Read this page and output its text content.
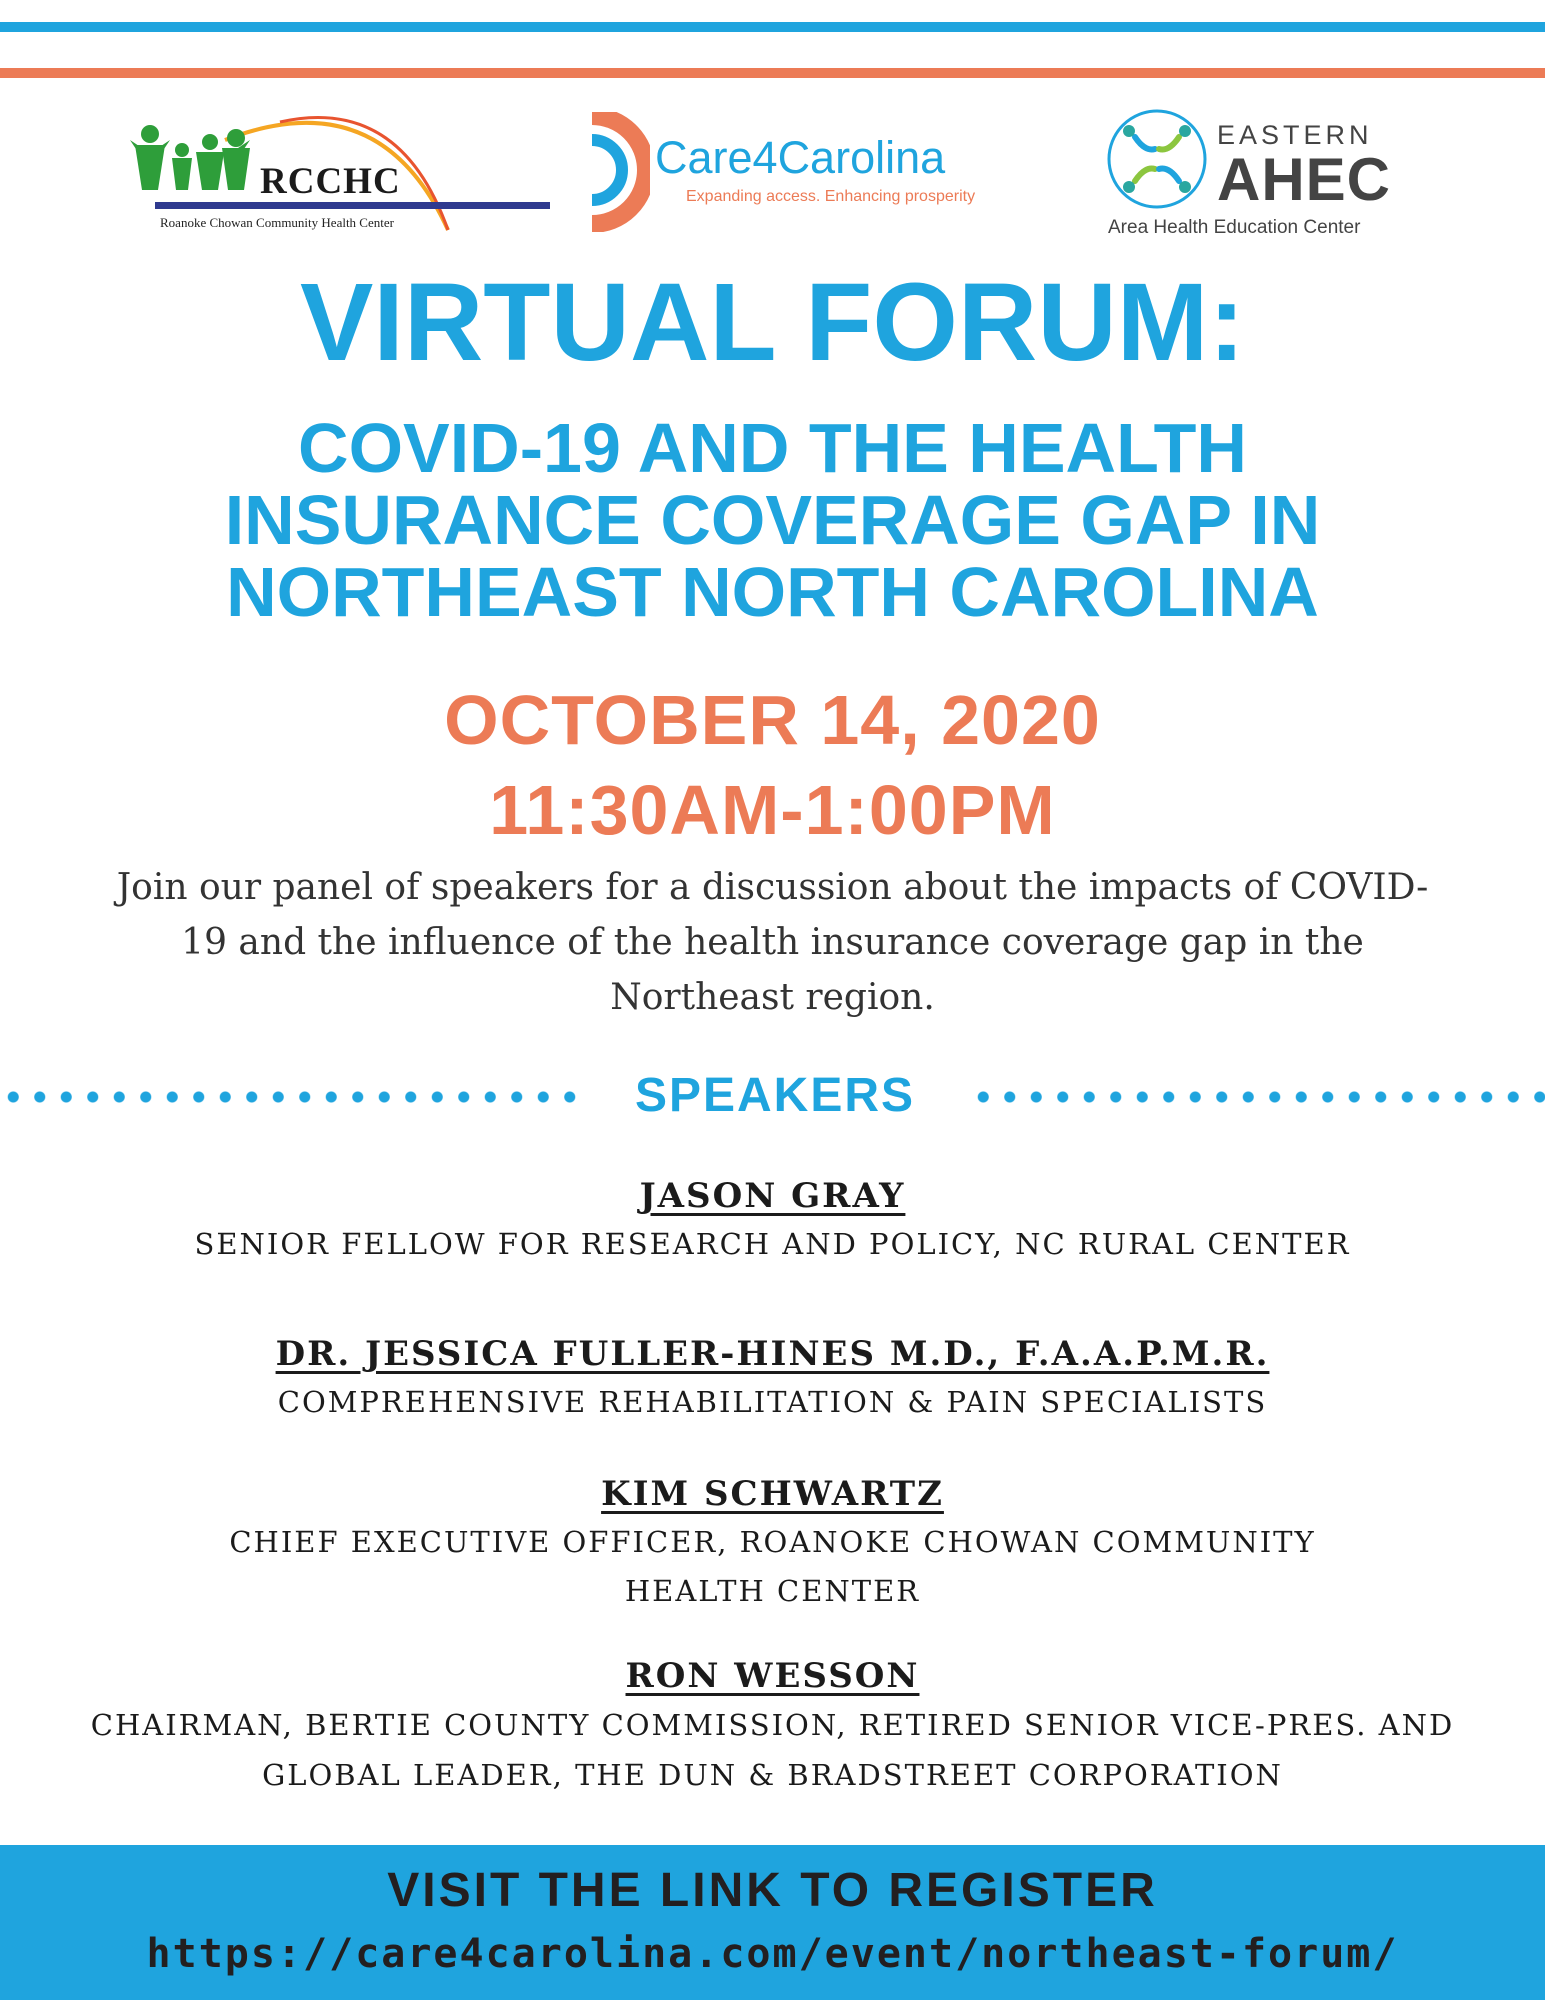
RCCHC
Roanoke Chowan Community Health Center
Care4Carolina
Expanding access. Enhancing prosperity
EASTERN
AHEC
Area Health Education Center
VIRTUAL FORUM:
COVID-19 AND THE HEALTH INSURANCE COVERAGE GAP IN NORTHEAST NORTH CAROLINA
OCTOBER 14, 2020
11:30AM-1:00PM
Join our panel of speakers for a discussion about the impacts of COVID-19 and the influence of the health insurance coverage gap in the Northeast region.
SPEAKERS
JASON GRAY
SENIOR FELLOW FOR RESEARCH AND POLICY, NC RURAL CENTER
DR. JESSICA FULLER-HINES M.D., F.A.A.P.M.R.
COMPREHENSIVE REHABILITATION & PAIN SPECIALISTS
KIM SCHWARTZ
CHIEF EXECUTIVE OFFICER, ROANOKE CHOWAN COMMUNITY HEALTH CENTER
RON WESSON
CHAIRMAN, BERTIE COUNTY COMMISSION, RETIRED SENIOR VICE-PRES. AND GLOBAL LEADER, THE DUN & BRADSTREET CORPORATION
VISIT THE LINK TO REGISTER
https://care4carolina.com/event/northeast-forum/
